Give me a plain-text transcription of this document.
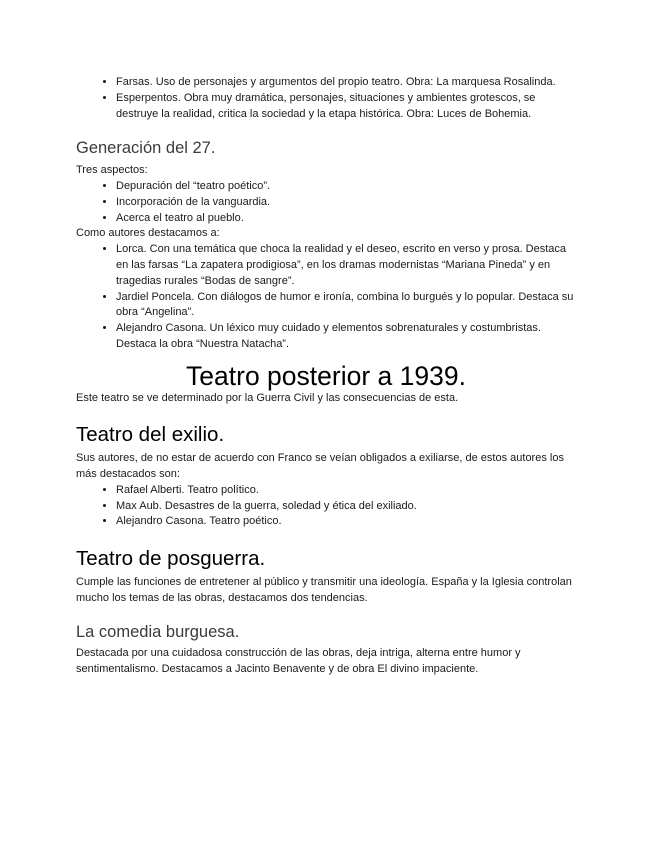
• Farsas. Uso de personajes y argumentos del propio teatro. Obra: La marquesa Rosalinda.
• Esperpentos. Obra muy dramática, personajes, situaciones y ambientes grotescos, se destruye la realidad, critica la sociedad y la etapa histórica. Obra: Luces de Bohemia.
Generación del 27.

Tres aspectos:

• Depuración del “teatro poético”.
• Incorporación de la vanguardia.
• Acerca el teatro al pueblo.

Como autores destacamos a:

• Lorca. Con una temática que choca la realidad y el deseo, escrito en verso y prosa. Destaca en las farsas “La zapatera prodigiosa”, en los dramas modernistas “Mariana Pineda” y en tragedias rurales “Bodas de sangre”.
• Jardiel Poncela. Con diálogos de humor e ironía, combina lo burgués y lo popular. Destaca su obra “Angelina”.
• Alejandro Casona. Un léxico muy cuidado y elementos sobrenaturales y costumbristas. Destaca la obra “Nuestra Natacha”.
Teatro posterior a 1939.

Este teatro se ve determinado por la Guerra Civil y las consecuencias de esta.

Teatro del exilio.

Sus autores, de no estar de acuerdo con Franco se veían obligados a exiliarse, de estos autores los más destacados son:

• Rafael Alberti. Teatro político.
• Max Aub. Desastres de la guerra, soledad y ética del exiliado.
• Alejandro Casona. Teatro poético.
Teatro de posguerra.

Cumple las funciones de entretener al público y transmitir una ideología. España y la Iglesia controlan mucho los temas de las obras, destacamos dos tendencias.

La comedia burguesa.

Destacada por una cuidadosa construcción de las obras, deja intriga, alterna entre humor y sentimentalismo. Destacamos a Jacinto Benavente y de obra El divino impaciente.
